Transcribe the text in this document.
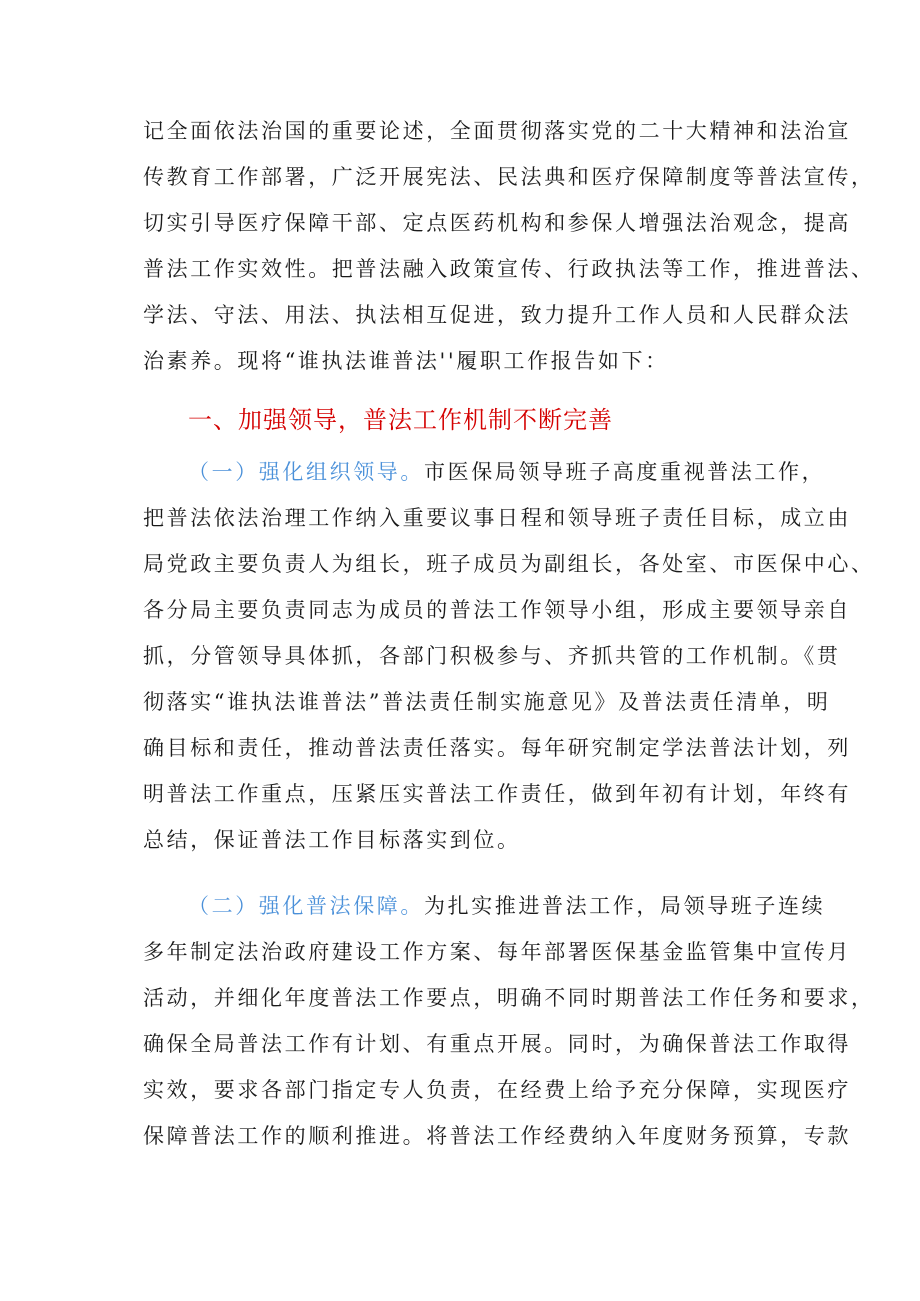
记全面依法治国的重要论述，全面贯彻落实党的二十大精神和法治宣
传教育工作部署，广泛开展宪法、民法典和医疗保障制度等普法宣传，
切实引导医疗保障干部、定点医药机构和参保人增强法治观念，提高
普法工作实效性。把普法融入政策宣传、行政执法等工作，推进普法、
学法、守法、用法、执法相互促进，致力提升工作人员和人民群众法
治素养。现将“谁执法谁普法''履职工作报告如下：
一、加强领导，普法工作机制不断完善
（一）强化组织领导。市医保局领导班子高度重视普法工作，
把普法依法治理工作纳入重要议事日程和领导班子责任目标，成立由
局党政主要负责人为组长，班子成员为副组长，各处室、市医保中心、
各分局主要负责同志为成员的普法工作领导小组，形成主要领导亲自
抓，分管领导具体抓，各部门积极参与、齐抓共管的工作机制。《贯
彻落实“谁执法谁普法”普法责任制实施意见》及普法责任清单，明
确目标和责任，推动普法责任落实。每年研究制定学法普法计划，列
明普法工作重点，压紧压实普法工作责任，做到年初有计划，年终有
总结，保证普法工作目标落实到位。
（二）强化普法保障。为扎实推进普法工作，局领导班子连续
多年制定法治政府建设工作方案、每年部署医保基金监管集中宣传月
活动，并细化年度普法工作要点，明确不同时期普法工作任务和要求，
确保全局普法工作有计划、有重点开展。同时，为确保普法工作取得
实效，要求各部门指定专人负责，在经费上给予充分保障，实现医疗
保障普法工作的顺利推进。将普法工作经费纳入年度财务预算，专款
